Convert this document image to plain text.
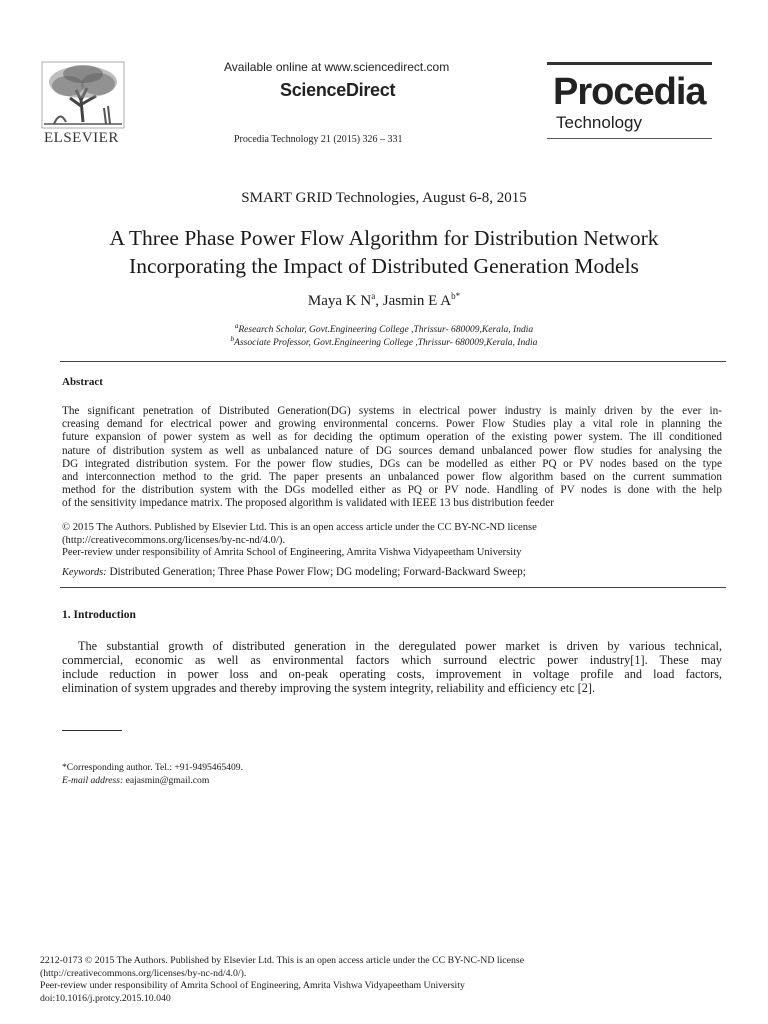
ELSEVIER
Available online at www.sciencedirect.com
ScienceDirect
Procedia Technology 21 (2015) 326 – 331
Procedia
Technology
SMART GRID Technologies, August 6-8, 2015
A Three Phase Power Flow Algorithm for Distribution Network
Incorporating the Impact of Distributed Generation Models
Maya K $N^a$, Jasmin E $A^{b*}$
$^a$Research Scholar, Govt.Engineering College ,Thrissur- 680009,Kerala, India
$^b$Associate Professor, Govt.Engineering College ,Thrissur- 680009,Kerala, India
Abstract
The significant penetration of Distributed Generation(DG) systems in electrical power industry is mainly driven by the ever in-
creasing demand for electrical power and growing environmental concerns. Power Flow Studies play a vital role in planning the
future expansion of power system as well as for deciding the optimum operation of the existing power system. The ill conditioned
nature of distribution system as well as unbalanced nature of DG sources demand unbalanced power flow studies for analysing the
DG integrated distribution system. For the power flow studies, DGs can be modelled as either PQ or PV nodes based on the type
and interconnection method to the grid. The paper presents an unbalanced power flow algorithm based on the current summation
method for the distribution system with the DGs modelled either as PQ or PV node. Handling of PV nodes is done with the help
of the sensitivity impedance matrix. The proposed algorithm is validated with IEEE 13 bus distribution feeder
© 2015 The Authors. Published by Elsevier Ltd. This is an open access article under the CC BY-NC-ND license
(http://creativecommons.org/licenses/by-nc-nd/4.0/).
Peer-review under responsibility of Amrita School of Engineering, Amrita Vishwa Vidyapeetham University
Keywords: Distributed Generation; Three Phase Power Flow; DG modeling; Forward-Backward Sweep;
1. Introduction
The substantial growth of distributed generation in the deregulated power market is driven by various technical,
commercial, economic as well as environmental factors which surround electric power industry[1]. These may
include reduction in power loss and on-peak operating costs, improvement in voltage profile and load factors,
elimination of system upgrades and thereby improving the system integrity, reliability and efficiency etc [2].
*Corresponding author. Tel.: +91-9495465409.
E-mail address: eajasmin@gmail.com
2212-0173 © 2015 The Authors. Published by Elsevier Ltd. This is an open access article under the CC BY-NC-ND license
(http://creativecommons.org/licenses/by-nc-nd/4.0/).
Peer-review under responsibility of Amrita School of Engineering, Amrita Vishwa Vidyapeetham University
doi:10.1016/j.protcy.2015.10.040
